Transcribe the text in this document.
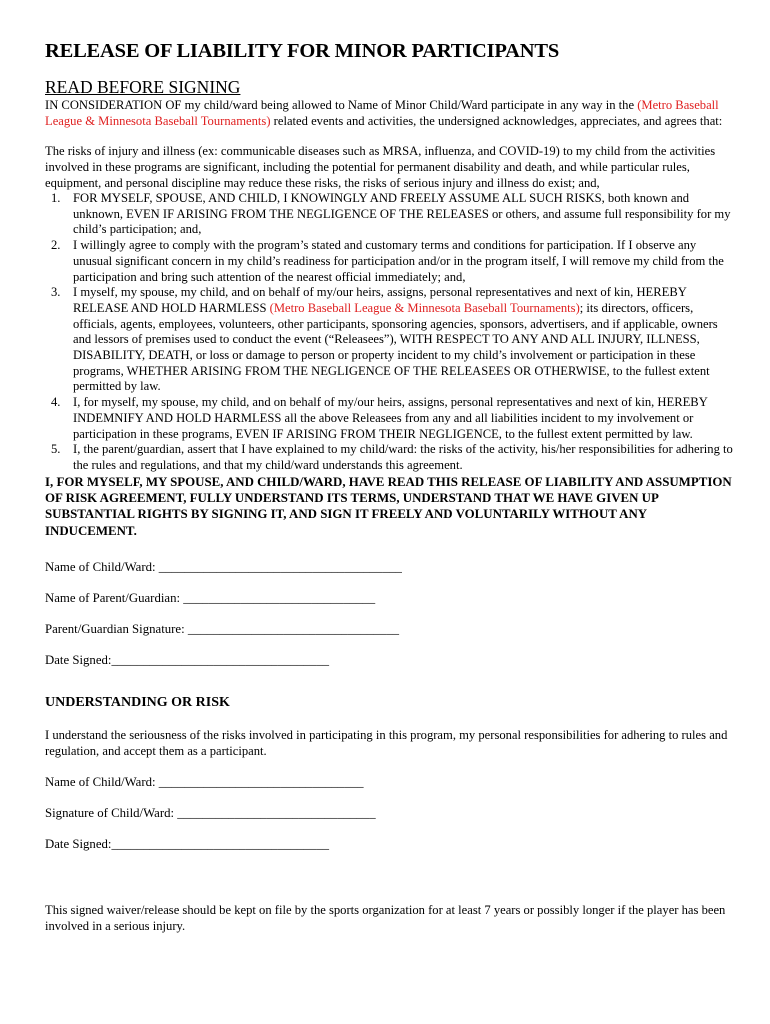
RELEASE OF LIABILITY FOR MINOR PARTICIPANTS
READ BEFORE SIGNING

IN CONSIDERATION OF my child/ward being allowed to Name of Minor Child/Ward participate in any way in the (Metro Baseball League & Minnesota Baseball Tournaments) related events and activities, the undersigned acknowledges, appreciates, and agrees that:

The risks of injury and illness (ex: communicable diseases such as MRSA, influenza, and COVID-19) to my child from the activities involved in these programs are significant, including the potential for permanent disability and death, and while particular rules, equipment, and personal discipline may reduce these risks, the risks of serious injury and illness do exist; and,

1. FOR MYSELF, SPOUSE, AND CHILD, I KNOWINGLY AND FREELY ASSUME ALL SUCH RISKS, both known and unknown, EVEN IF ARISING FROM THE NEGLIGENCE OF THE RELEASES or others, and assume full responsibility for my child’s participation; and,
2. I willingly agree to comply with the program’s stated and customary terms and conditions for participation. If I observe any unusual significant concern in my child’s readiness for participation and/or in the program itself, I will remove my child from the participation and bring such attention of the nearest official immediately; and,
3. I myself, my spouse, my child, and on behalf of my/our heirs, assigns, personal representatives and next of kin, HEREBY RELEASE AND HOLD HARMLESS (Metro Baseball League & Minnesota Baseball Tournaments); its directors, officers, officials, agents, employees, volunteers, other participants, sponsoring agencies, sponsors, advertisers, and if applicable, owners and lessors of premises used to conduct the event (“Releasees”), WITH RESPECT TO ANY AND ALL INJURY, ILLNESS, DISABILITY, DEATH, or loss or damage to person or property incident to my child’s involvement or participation in these programs, WHETHER ARISING FROM THE NEGLIGENCE OF THE RELEASEES OR OTHERWISE, to the fullest extent permitted by law.
4. I, for myself, my spouse, my child, and on behalf of my/our heirs, assigns, personal representatives and next of kin, HEREBY INDEMNIFY AND HOLD HARMLESS all the above Releasees from any and all liabilities incident to my involvement or participation in these programs, EVEN IF ARISING FROM THEIR NEGLIGENCE, to the fullest extent permitted by law.
5. I, the parent/guardian, assert that I have explained to my child/ward: the risks of the activity, his/her responsibilities for adhering to the rules and regulations, and that my child/ward understands this agreement.

I, FOR MYSELF, MY SPOUSE, AND CHILD/WARD, HAVE READ THIS RELEASE OF LIABILITY AND ASSUMPTION OF RISK AGREEMENT, FULLY UNDERSTAND ITS TERMS, UNDERSTAND THAT WE HAVE GIVEN UP SUBSTANTIAL RIGHTS BY SIGNING IT, AND SIGN IT FREELY AND VOLUNTARILY WITHOUT ANY INDUCEMENT.

Name of Child/Ward: ______________________________________
Name of Parent/Guardian: ______________________________
Parent/Guardian Signature: _________________________________
Date Signed:__________________________________
UNDERSTANDING OR RISK

I understand the seriousness of the risks involved in participating in this program, my personal responsibilities for adhering to rules and regulation, and accept them as a participant.

Name of Child/Ward: ________________________________
Signature of Child/Ward: _______________________________
Date Signed:__________________________________

This signed waiver/release should be kept on file by the sports organization for at least 7 years or possibly longer if the player has been involved in a serious injury.
